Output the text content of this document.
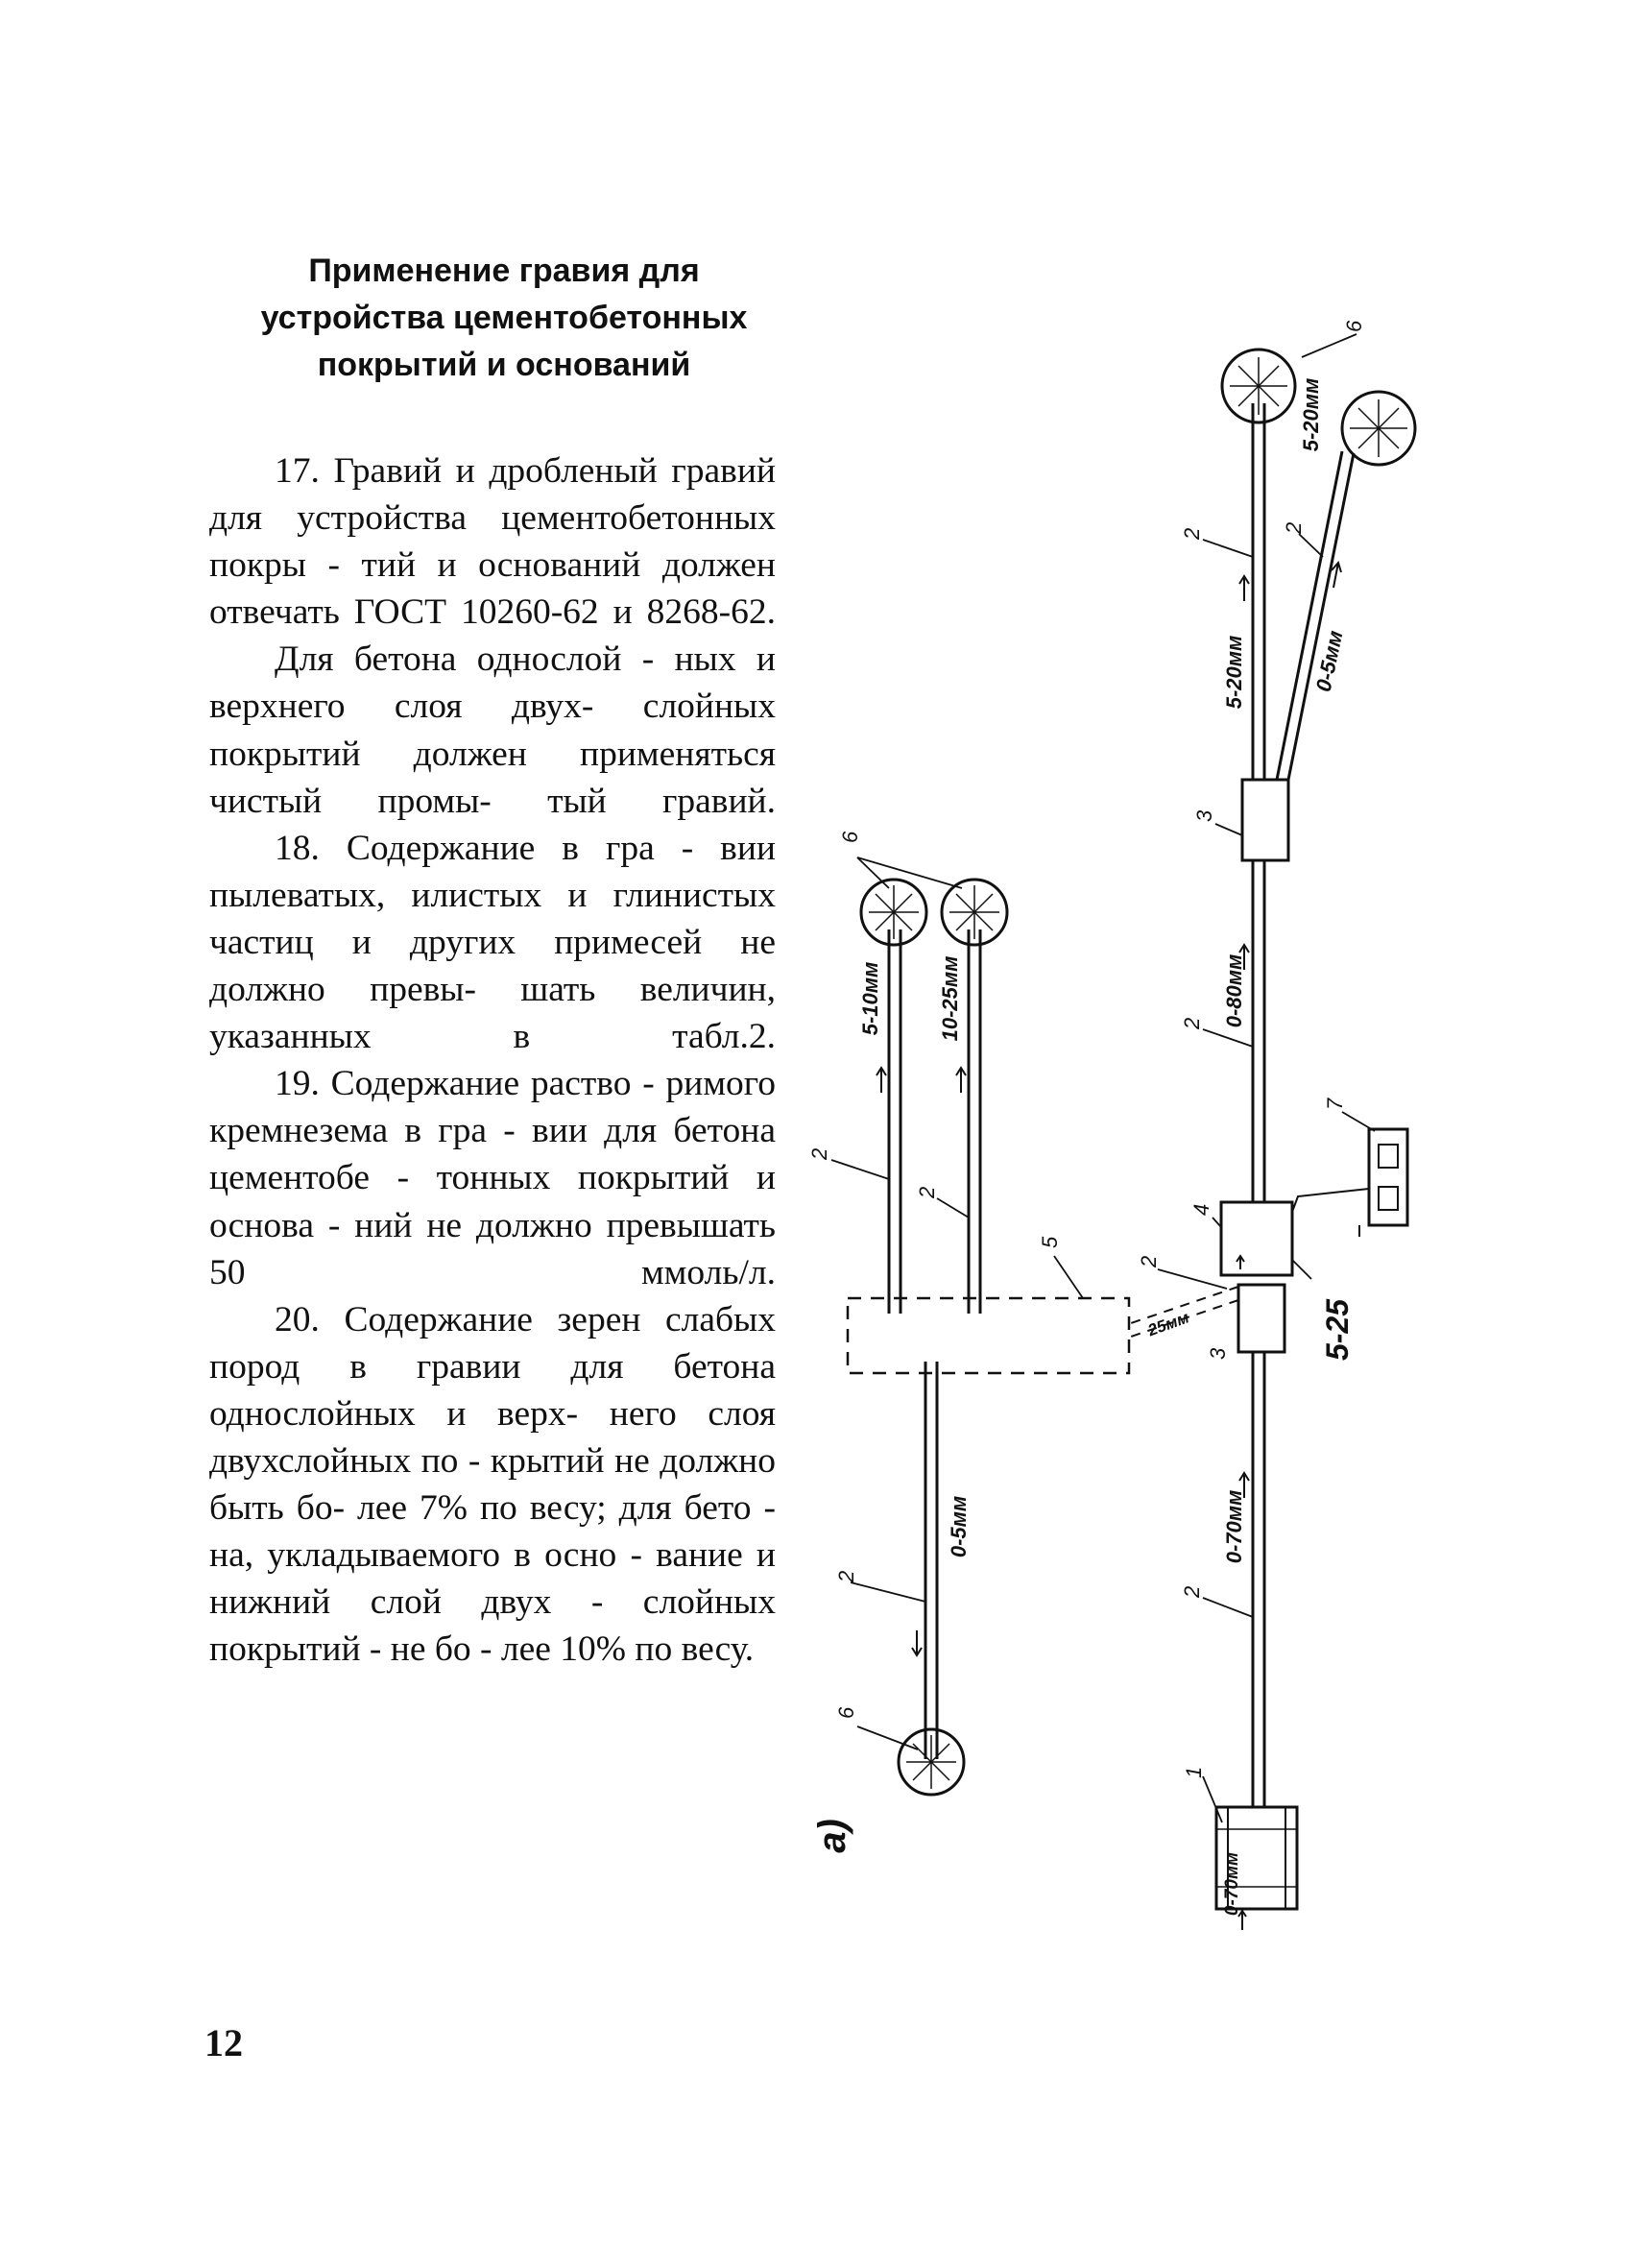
Применение гравия для
устройства цементобетонных
покрытий и оснований

17. Гравий и дробленый гравий для устройства цементобетонных покры - тий и оснований должен отвечать ГОСТ 10260-62 и 8268-62.

Для бетона однослой - ных и верхнего слоя двух- слойных покрытий должен применяться чистый промы- тый гравий.

18. Содержание в гра - вии пылеватых, илистых и глинистых частиц и других примесей не должно превы- шать величин, указанных в табл.2.

19. Содержание раство - римого кремнезема в гра - вии для бетона цементобе - тонных покрытий и основа - ний не должно превышать 50 ммоль/л.

20. Содержание зерен слабых пород в гравии для бетона однослойных и верх- него слоя двухслойных по - крытий не должно быть бо- лее 7% по весу; для бето - на, укладываемого в осно - вание и нижний слой двух - слойных покрытий - не бо - лее 10% по весу.

12
5-10мм	10-25мм
0-5мм
5-20мм
5-20мм	0-5мм
0-80мм
25мм	5-25
0-70мм
0-70мм
а)
6
2
2
5
2
6
6
2	2
3
2
7
4
2
3
2
1
